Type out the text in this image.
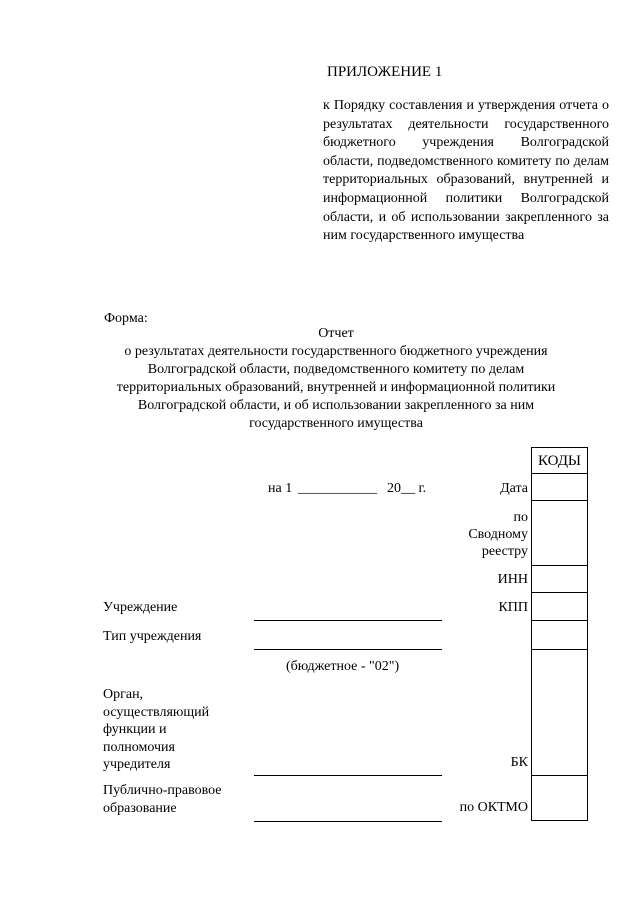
ПРИЛОЖЕНИЕ 1
к Порядку составления и утверждения отчета о результатах деятельности государственного бюджетного учреждения Волгоградской области, подведомственного комитету по делам территориальных образований, внутренней и информационной политики Волгоградской области, и об использовании закрепленного за ним государственного имущества
Форма:
Отчет
о результатах деятельности государственного бюджетного учреждения
Волгоградской области, подведомственного комитету по делам
территориальных образований, внутренней и информационной политики
Волгоградской области, и об использовании закрепленного за ним
государственного имущества
КОДЫ
на 1 ___________ 20__ г.	Дата
по
Сводному
реестру
ИНН
КПП
БК
по ОКТМО
Учреждение
Тип учреждения
(бюджетное - "02")
Орган,
осуществляющий
функции и
полномочия
учредителя
Публично-правовое
образование
